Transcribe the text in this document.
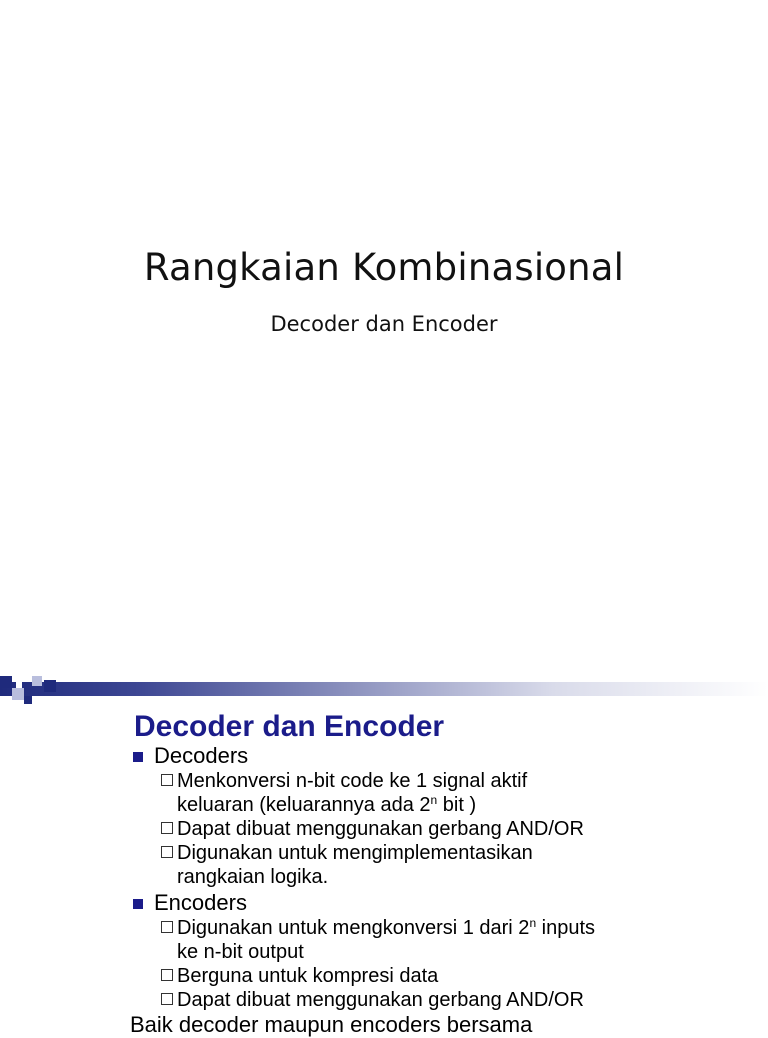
Rangkaian Kombinasional
Decoder dan Encoder
Decoder dan Encoder
Decoders
Menkonversi n-bit code ke 1 signal aktif
keluaran (keluarannya ada 2$^n$ bit )
Dapat dibuat menggunakan gerbang AND/OR
Digunakan untuk mengimplementasikan
rangkaian logika.
Encoders
Digunakan untuk mengkonversi 1 dari 2$^n$ inputs
ke n-bit output
Berguna untuk kompresi data
Dapat dibuat menggunakan gerbang AND/OR
Baik decoder maupun encoders bersama
